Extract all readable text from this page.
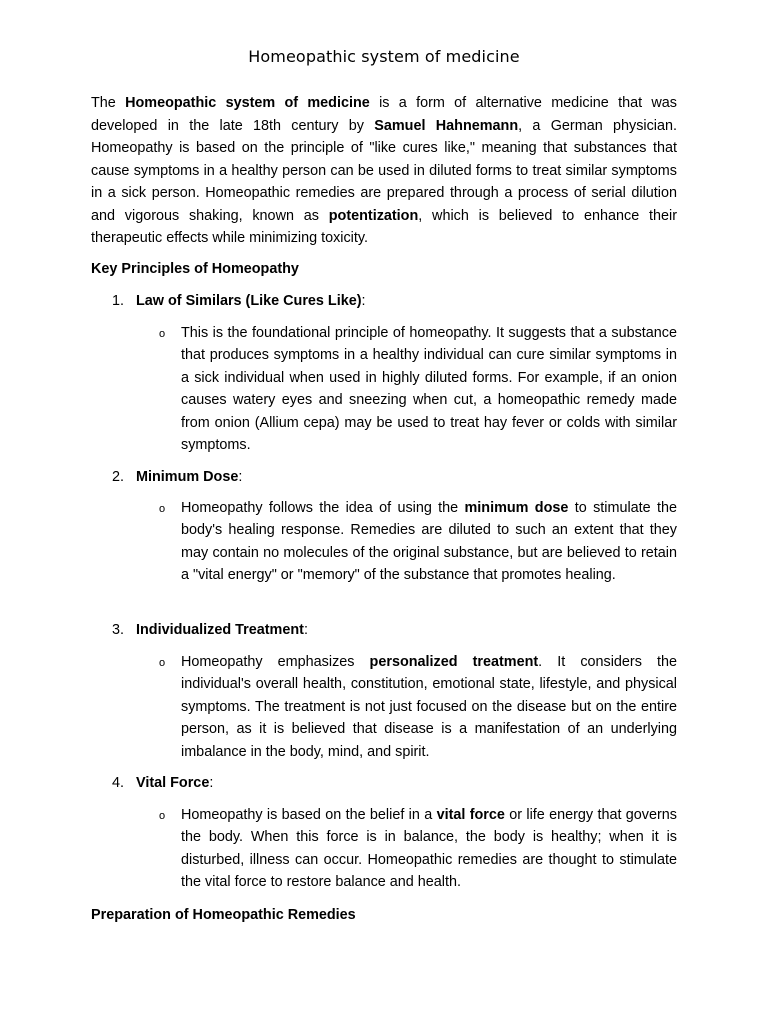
Homeopathic system of medicine

The Homeopathic system of medicine is a form of alternative medicine that was developed in the late 18th century by Samuel Hahnemann, a German physician. Homeopathy is based on the principle of "like cures like," meaning that substances that cause symptoms in a healthy person can be used in diluted forms to treat similar symptoms in a sick person. Homeopathic remedies are prepared through a process of serial dilution and vigorous shaking, known as potentization, which is believed to enhance their therapeutic effects while minimizing toxicity.

Key Principles of Homeopathy
1. Law of Similars (Like Cures Like):
o This is the foundational principle of homeopathy. It suggests that a substance that produces symptoms in a healthy individual can cure similar symptoms in a sick individual when used in highly diluted forms. For example, if an onion causes watery eyes and sneezing when cut, a homeopathic remedy made from onion (Allium cepa) may be used to treat hay fever or colds with similar symptoms.

2. Minimum Dose:
o Homeopathy follows the idea of using the minimum dose to stimulate the body's healing response. Remedies are diluted to such an extent that they may contain no molecules of the original substance, but are believed to retain a "vital energy" or "memory" of the substance that promotes healing.

3. Individualized Treatment:
o Homeopathy emphasizes personalized treatment. It considers the individual's overall health, constitution, emotional state, lifestyle, and physical symptoms. The treatment is not just focused on the disease but on the entire person, as it is believed that disease is a manifestation of an underlying imbalance in the body, mind, and spirit.

4. Vital Force:
o Homeopathy is based on the belief in a vital force or life energy that governs the body. When this force is in balance, the body is healthy; when it is disturbed, illness can occur. Homeopathic remedies are thought to stimulate the vital force to restore balance and health.

Preparation of Homeopathic Remedies
